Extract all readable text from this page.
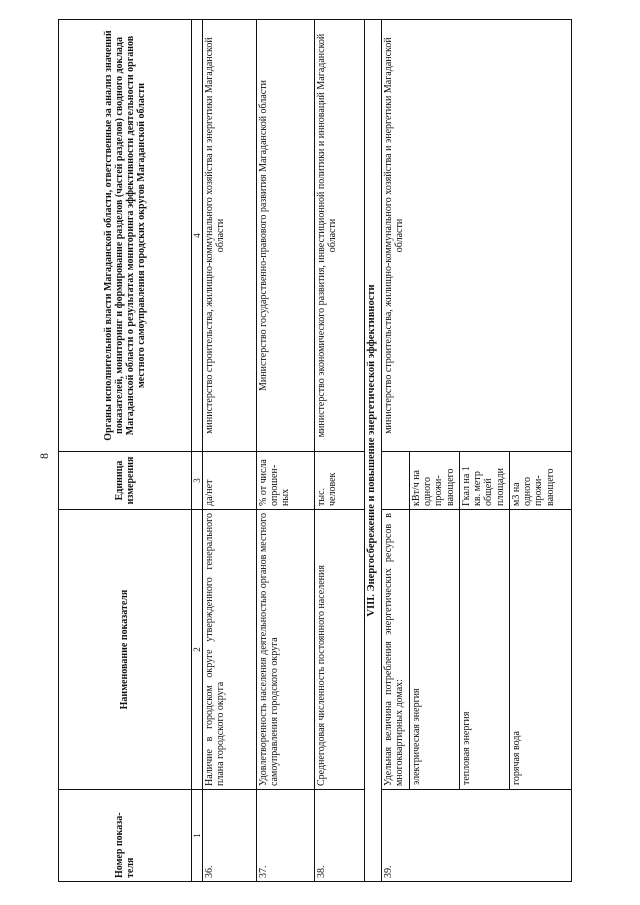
8
Номер показа-теля	Наименование показателя	Единица измерения	Органы исполнительной власти Магаданской области, ответственные за анализ значений показателей, мониторинг и формирование разделов (частей разделов) сводного доклада Магаданской области о результатах мониторинга эффективности деятельности органов местного самоуправления городских округов Магаданской области
1	2	3	4
36.	Наличие в городском округе утвержденного генерального плана городского округа	да/нет	министерство строительства, жилищно-коммунального хозяйства и энергетики Магаданской области
37.	Удовлетворенность населения деятельностью органов местного самоуправления городского округа	% от числа опрошен-ных	Министерство государственно-правового развития Магаданской области
38.	Среднегодовая численность постоянного населения	тыс. человек	министерство экономического развития, инвестиционной политики и инноваций Магаданской области
VIII. Энергосбережение и повышение энергетической эффективности			
39.	Удельная величина потребления энергетических ресурсов в многоквартирных домах:		министерство строительства, жилищно-коммунального хозяйства и энергетики Магаданской области
	электрическая энергия	кВт/ч на одного прожи-вающего	
	тепловая энергия	Гкал на 1 кв. метр общей площади	
	горячая вода	м3 на одного прожи-вающего	
